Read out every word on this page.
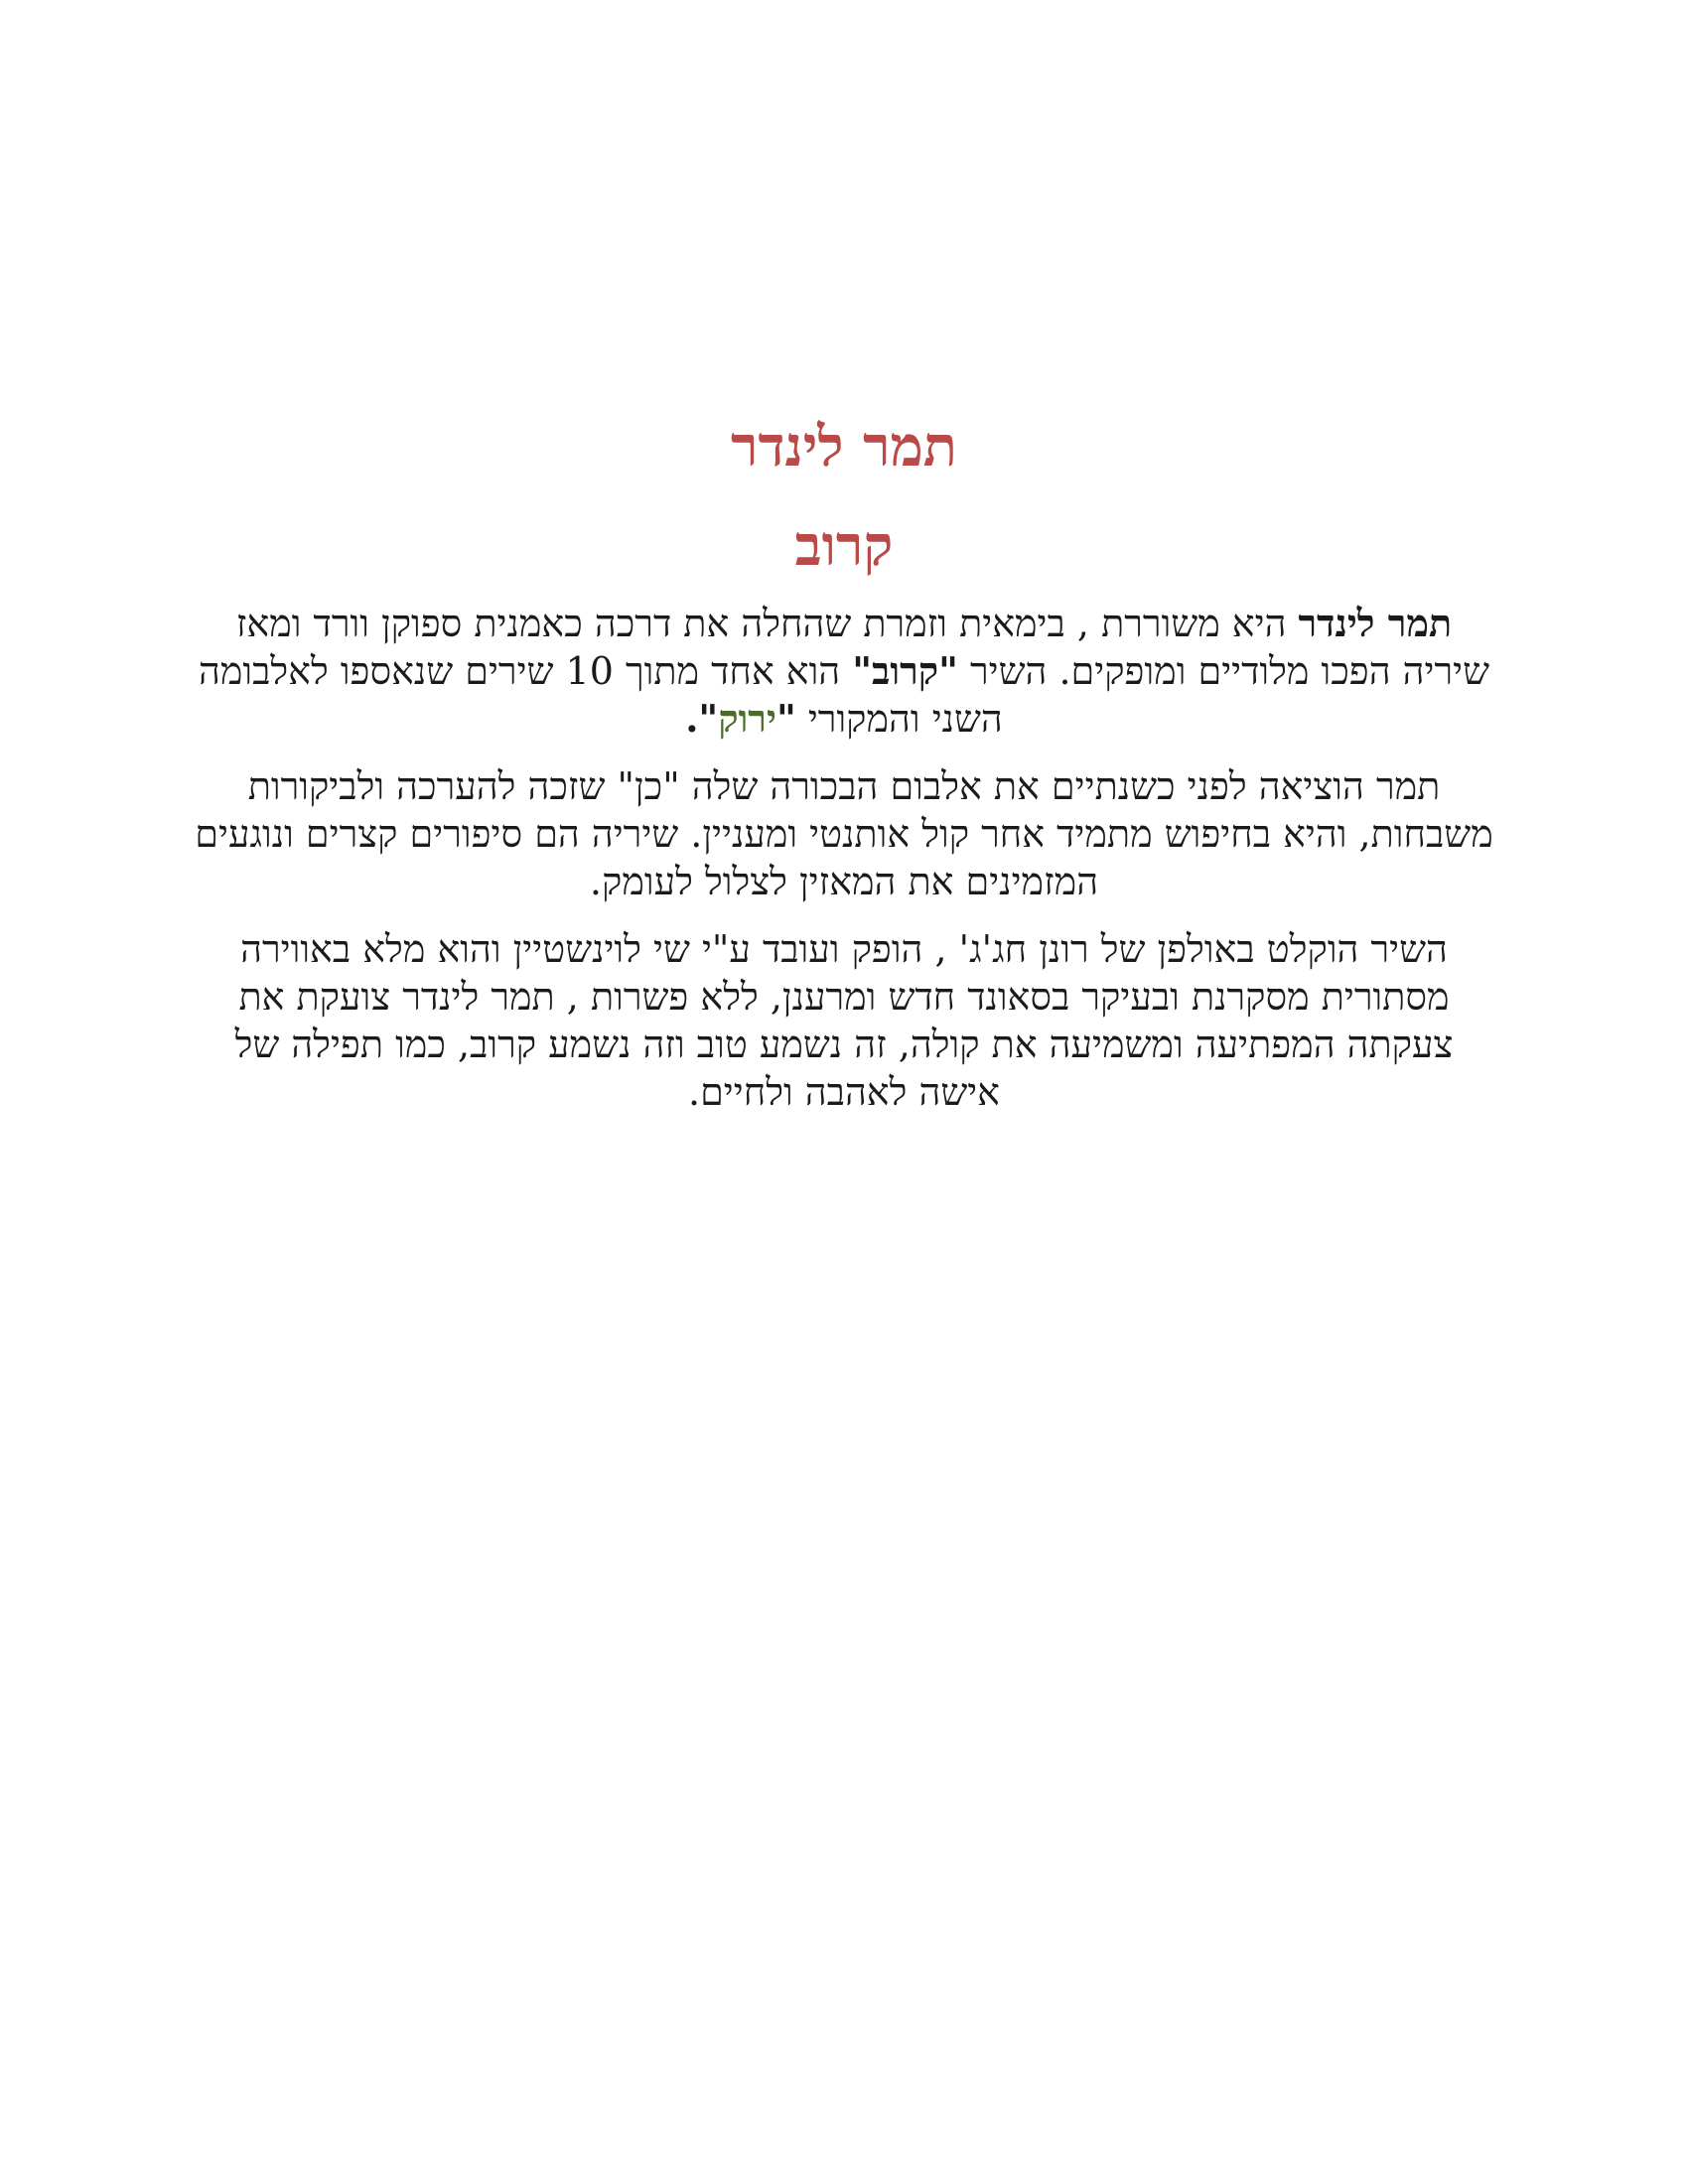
תמר לינדר
קרוב

תמר לינדר היא משוררת , בימאית וזמרת שהחלה את דרכה כאמנית ספוקן וורד ומאז שיריה הפכו מלודיים ומופקים. השיר "קרוב" הוא אחד מתוך 10 שירים שנאספו לאלבומה השני והמקורי "ירוק".

תמר הוציאה לפני כשנתיים את אלבום הבכורה שלה "כן" שזכה להערכה ולביקורות משבחות, והיא בחיפוש מתמיד אחר קול אותנטי ומעניין. שיריה הם סיפורים קצרים ונוגעים המזמינים את המאזין לצלול לעומק.

השיר הוקלט באולפן של רונן חג'ג' , הופק ועובד ע"י שי לוינשטיין והוא מלא באווירה מסתורית מסקרנת ובעיקר בסאונד חדש ומרענן, ללא פשרות , תמר לינדר צועקת את צעקתה המפתיעה ומשמיעה את קולה, זה נשמע טוב וזה נשמע קרוב, כמו תפילה של אישה לאהבה ולחיים.
